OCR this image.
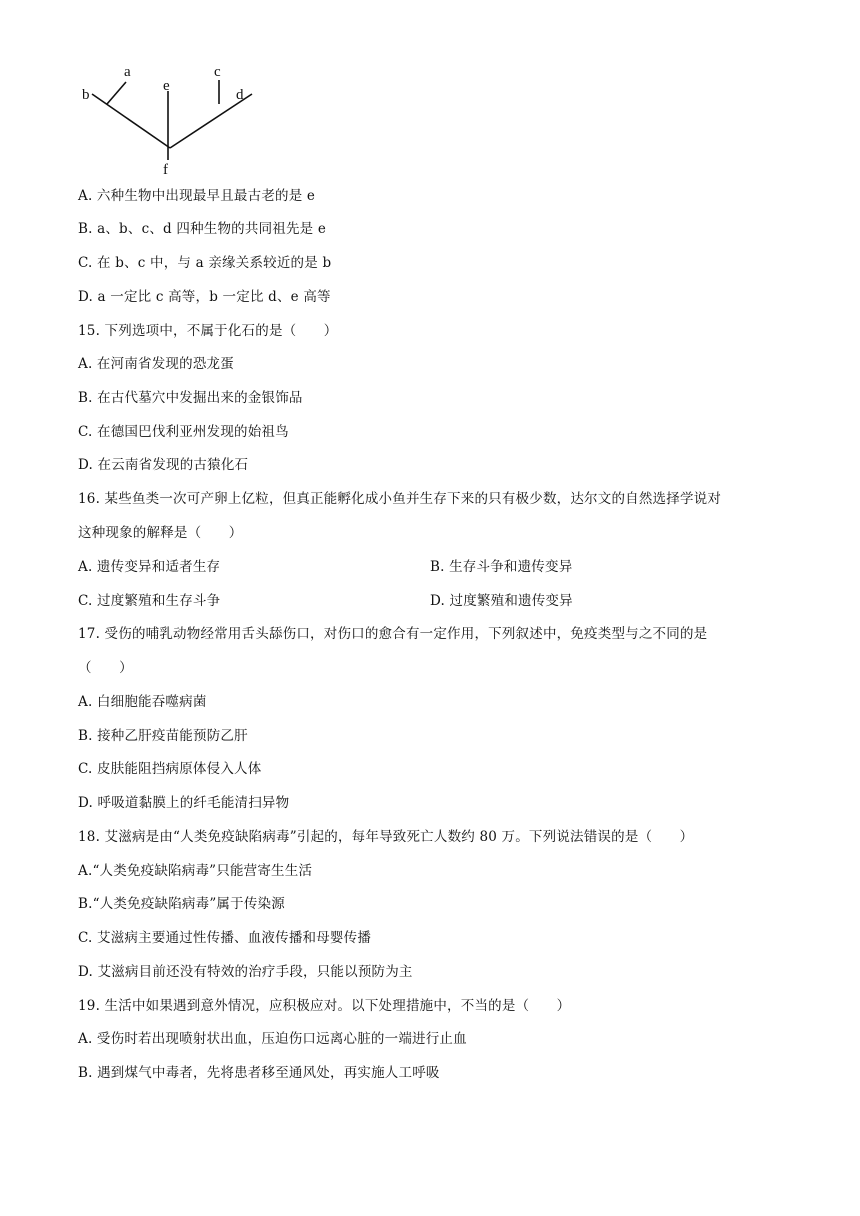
a
b
c
d
e
f
A. 六种生物中出现最早且最古老的是 e
B. a、b、c、d 四种生物的共同祖先是 e
C. 在 b、c 中，与 a 亲缘关系较近的是 b
D. a 一定比 c 高等，b 一定比 d、e 高等
15. 下列选项中，不属于化石的是（　　）
A. 在河南省发现的恐龙蛋
B. 在古代墓穴中发掘出来的金银饰品
C. 在德国巴伐利亚州发现的始祖鸟
D. 在云南省发现的古猿化石
16. 某些鱼类一次可产卵上亿粒，但真正能孵化成小鱼并生存下来的只有极少数，达尔文的自然选择学说对
这种现象的解释是（　　）
A. 遗传变异和适者生存	B. 生存斗争和遗传变异
C. 过度繁殖和生存斗争	D. 过度繁殖和遗传变异
17. 受伤的哺乳动物经常用舌头舔伤口，对伤口的愈合有一定作用，下列叙述中，免疫类型与之不同的是
（　　）
A. 白细胞能吞噬病菌
B. 接种乙肝疫苗能预防乙肝
C. 皮肤能阻挡病原体侵入人体
D. 呼吸道黏膜上的纤毛能清扫异物
18. 艾滋病是由“人类免疫缺陷病毒”引起的，每年导致死亡人数约 80 万。下列说法错误的是（　　）
A.“人类免疫缺陷病毒”只能营寄生生活
B.“人类免疫缺陷病毒”属于传染源
C. 艾滋病主要通过性传播、血液传播和母婴传播
D. 艾滋病目前还没有特效的治疗手段，只能以预防为主
19. 生活中如果遇到意外情况，应积极应对。以下处理措施中，不当的是（　　）
A. 受伤时若出现喷射状出血，压迫伤口远离心脏的一端进行止血
B. 遇到煤气中毒者，先将患者移至通风处，再实施人工呼吸
